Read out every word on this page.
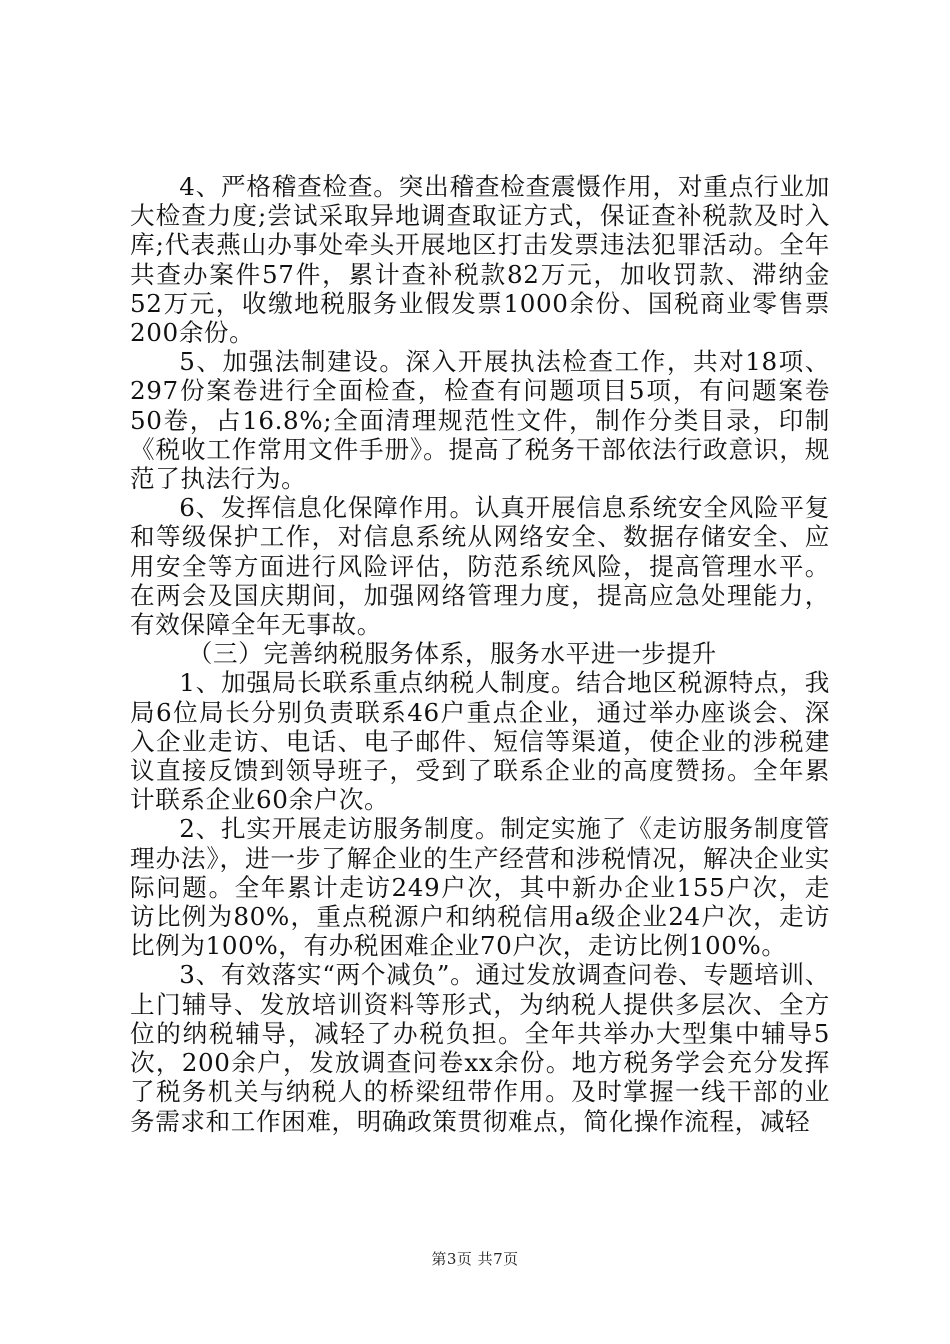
4、严格稽查检查。突出稽查检查震慑作用，对重点行业加大检查力度;尝试采取异地调查取证方式，保证查补税款及时入库;代表燕山办事处牵头开展地区打击发票违法犯罪活动。全年共查办案件57件，累计查补税款82万元，加收罚款、滞纳金52万元，收缴地税服务业假发票1000余份、国税商业零售票200余份。

5、加强法制建设。深入开展执法检查工作，共对18项、297份案卷进行全面检查，检查有问题项目5项，有问题案卷50卷，占16.8%;全面清理规范性文件，制作分类目录，印制《税收工作常用文件手册》。提高了税务干部依法行政意识，规范了执法行为。

6、发挥信息化保障作用。认真开展信息系统安全风险平复和等级保护工作，对信息系统从网络安全、数据存储安全、应用安全等方面进行风险评估，防范系统风险，提高管理水平。在两会及国庆期间，加强网络管理力度，提高应急处理能力，有效保障全年无事故。

（三）完善纳税服务体系，服务水平进一步提升

1、加强局长联系重点纳税人制度。结合地区税源特点，我局6位局长分别负责联系46户重点企业，通过举办座谈会、深入企业走访、电话、电子邮件、短信等渠道，使企业的涉税建议直接反馈到领导班子，受到了联系企业的高度赞扬。全年累计联系企业60余户次。

2、扎实开展走访服务制度。制定实施了《走访服务制度管理办法》，进一步了解企业的生产经营和涉税情况，解决企业实际问题。全年累计走访249户次，其中新办企业155户次，走访比例为80%，重点税源户和纳税信用a级企业24户次，走访比例为100%，有办税困难企业70户次，走访比例100%。

3、有效落实“两个减负”。通过发放调查问卷、专题培训、上门辅导、发放培训资料等形式，为纳税人提供多层次、全方位的纳税辅导，减轻了办税负担。全年共举办大型集中辅导5次，200余户，发放调查问卷xx余份。地方税务学会充分发挥了税务机关与纳税人的桥梁纽带作用。及时掌握一线干部的业务需求和工作困难，明确政策贯彻难点，简化操作流程，减轻

第3页 共7页
